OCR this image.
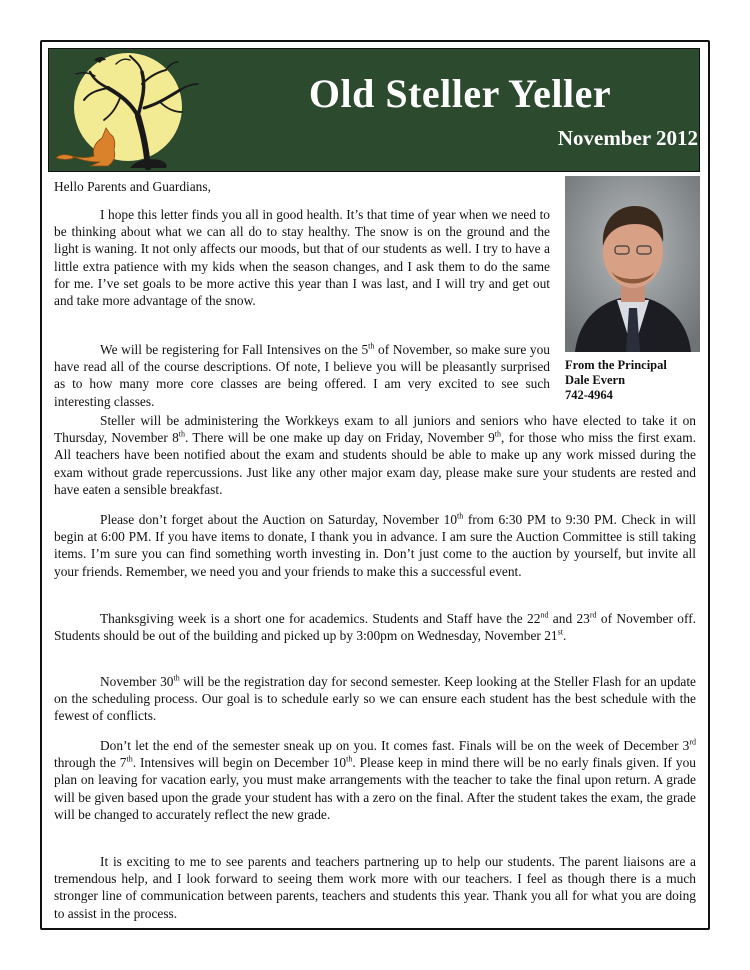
Old Steller Yeller
November 2012
From the Principal
Dale Evern
742-4964
Hello Parents and Guardians,
I hope this letter finds you all in good health. It’s that time of year when we need to be thinking about what we can all do to stay healthy. The snow is on the ground and the light is waning. It not only affects our moods, but that of our students as well. I try to have a little extra patience with my kids when the season changes, and I ask them to do the same for me. I’ve set goals to be more active this year than I was last, and I will try and get out and take more advantage of the snow.
We will be registering for Fall Intensives on the 5th of November, so make sure you have read all of the course descriptions. Of note, I believe you will be pleasantly surprised as to how many more core classes are being offered. I am very excited to see such interesting classes.
Steller will be administering the Workkeys exam to all juniors and seniors who have elected to take it on Thursday, November 8th. There will be one make up day on Friday, November 9th, for those who miss the first exam. All teachers have been notified about the exam and students should be able to make up any work missed during the exam without grade repercussions. Just like any other major exam day, please make sure your students are rested and have eaten a sensible breakfast.
Please don’t forget about the Auction on Saturday, November 10th from 6:30 PM to 9:30 PM. Check in will begin at 6:00 PM. If you have items to donate, I thank you in advance. I am sure the Auction Committee is still taking items. I’m sure you can find something worth investing in. Don’t just come to the auction by yourself, but invite all your friends. Remember, we need you and your friends to make this a successful event.
Thanksgiving week is a short one for academics. Students and Staff have the 22nd and 23rd of November off. Students should be out of the building and picked up by 3:00pm on Wednesday, November 21st.
November 30th will be the registration day for second semester. Keep looking at the Steller Flash for an update on the scheduling process. Our goal is to schedule early so we can ensure each student has the best schedule with the fewest of conflicts.
Don’t let the end of the semester sneak up on you. It comes fast. Finals will be on the week of December 3rd through the 7th. Intensives will begin on December 10th. Please keep in mind there will be no early finals given. If you plan on leaving for vacation early, you must make arrangements with the teacher to take the final upon return. A grade will be given based upon the grade your student has with a zero on the final. After the student takes the exam, the grade will be changed to accurately reflect the new grade.
It is exciting to me to see parents and teachers partnering up to help our students. The parent liaisons are a tremendous help, and I look forward to seeing them work more with our teachers. I feel as though there is a much stronger line of communication between parents, teachers and students this year. Thank you all for what you are doing to assist in the process.
